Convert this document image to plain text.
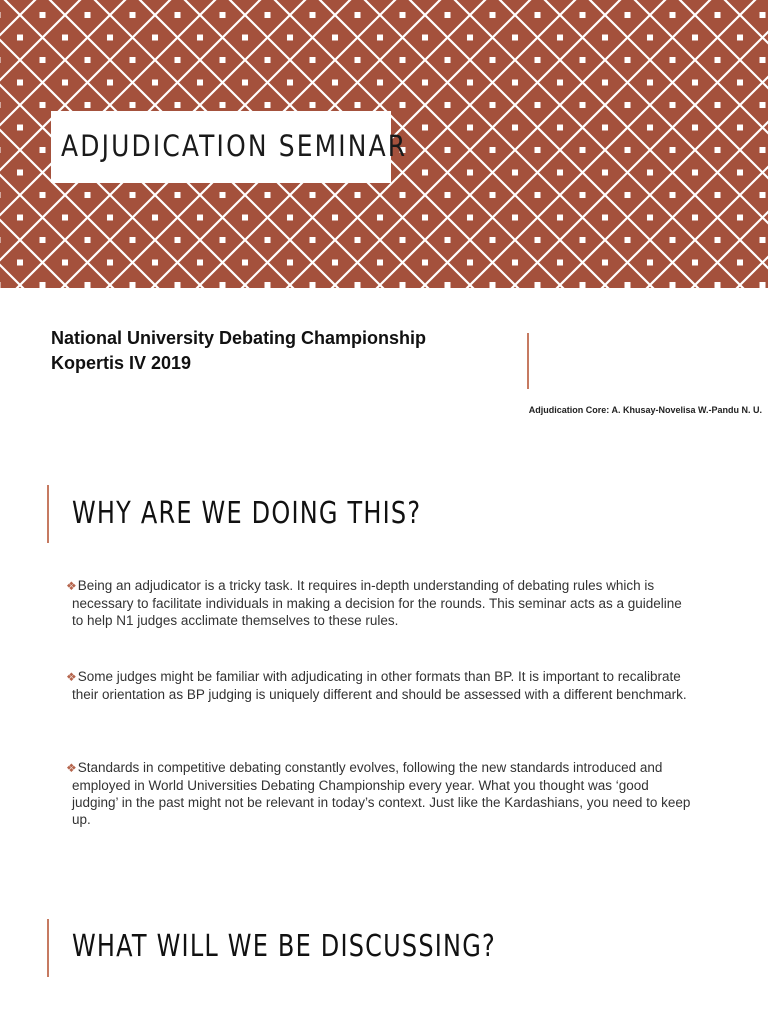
ADJUDICATION SEMINAR
National University Debating Championship
Kopertis IV 2019
Adjudication Core: A. Khusay-Novelisa W.-Pandu N. U.
WHY ARE WE DOING THIS?
❖Being an adjudicator is a tricky task. It requires in-depth understanding of debating rules which is necessary to facilitate individuals in making a decision for the rounds. This seminar acts as a guideline to help N1 judges acclimate themselves to these rules.
❖Some judges might be familiar with adjudicating in other formats than BP. It is important to recalibrate their orientation as BP judging is uniquely different and should be assessed with a different benchmark.
❖Standards in competitive debating constantly evolves, following the new standards introduced and employed in World Universities Debating Championship every year. What you thought was ‘good judging’ in the past might not be relevant in today’s context. Just like the Kardashians, you need to keep up.
WHAT WILL WE BE DISCUSSING?
